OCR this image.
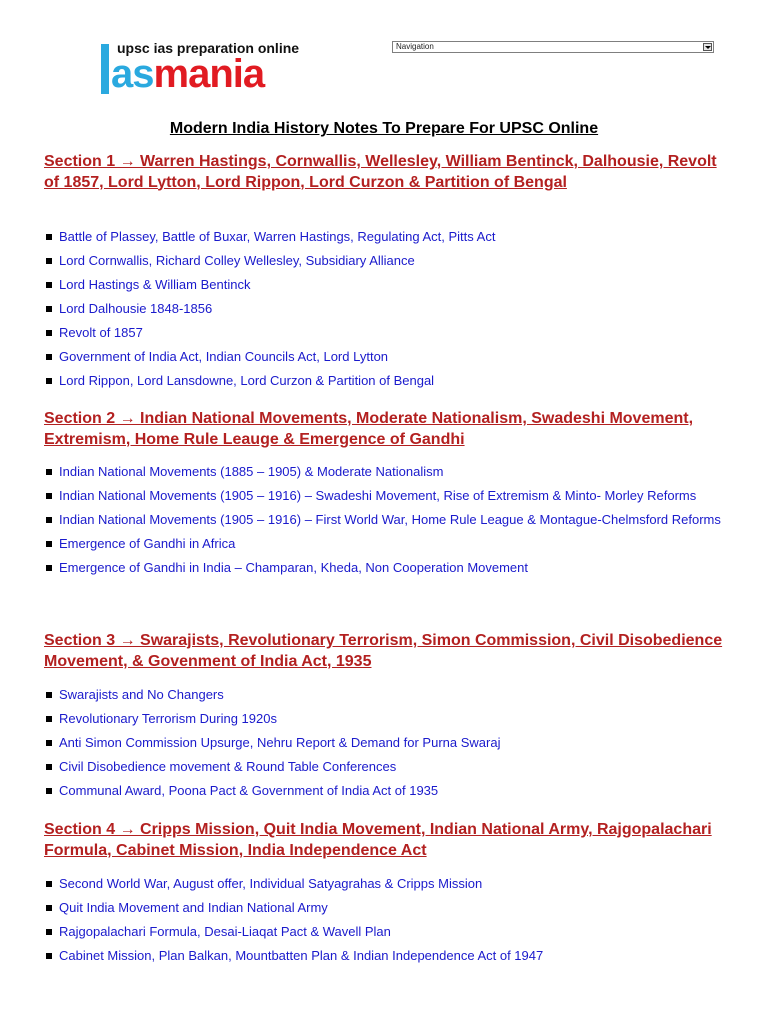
upsc ias preparation online
asmania
Navigation
Modern India History Notes To Prepare For UPSC Online
Section 1 → Warren Hastings, Cornwallis, Wellesley, William Bentinck, Dalhousie, Revolt of 1857, Lord Lytton, Lord Rippon, Lord Curzon & Partition of Bengal
Battle of Plassey, Battle of Buxar, Warren Hastings, Regulating Act, Pitts Act
Lord Cornwallis, Richard Colley Wellesley, Subsidiary Alliance
Lord Hastings & William Bentinck
Lord Dalhousie 1848-1856
Revolt of 1857
Government of India Act, Indian Councils Act, Lord Lytton
Lord Rippon, Lord Lansdowne, Lord Curzon & Partition of Bengal
Section 2 → Indian National Movements, Moderate Nationalism, Swadeshi Movement, Extremism, Home Rule Leauge & Emergence of Gandhi
Indian National Movements (1885 – 1905) & Moderate Nationalism
Indian National Movements (1905 – 1916) – Swadeshi Movement, Rise of Extremism & Minto- Morley Reforms
Indian National Movements (1905 – 1916) – First World War, Home Rule League & Montague-Chelmsford Reforms
Emergence of Gandhi in Africa
Emergence of Gandhi in India – Champaran, Kheda, Non Cooperation Movement
Section 3 → Swarajists, Revolutionary Terrorism, Simon Commission, Civil Disobedience Movement, & Govenment of India Act, 1935
Swarajists and No Changers
Revolutionary Terrorism During 1920s
Anti Simon Commission Upsurge, Nehru Report & Demand for Purna Swaraj
Civil Disobedience movement & Round Table Conferences
Communal Award, Poona Pact & Government of India Act of 1935
Section 4 → Cripps Mission, Quit India Movement, Indian National Army, Rajgopalachari Formula, Cabinet Mission, India Independence Act
Second World War, August offer, Individual Satyagrahas & Cripps Mission
Quit India Movement and Indian National Army
Rajgopalachari Formula, Desai-Liaqat Pact & Wavell Plan
Cabinet Mission, Plan Balkan, Mountbatten Plan & Indian Independence Act of 1947
